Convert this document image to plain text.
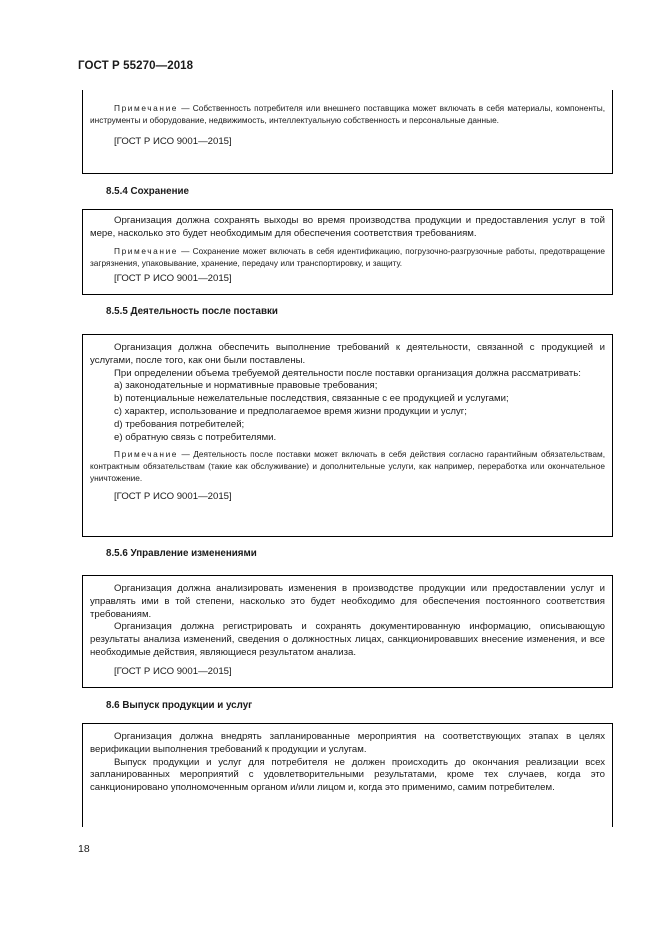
ГОСТ Р 55270—2018

Примечание — Собственность потребителя или внешнего поставщика может включать в себя материалы, компоненты, инструменты и оборудование, недвижимость, интеллектуальную собственность и персональные данные.

[ГОСТ Р ИСО 9001—2015]

8.5.4 Сохранение

Организация должна сохранять выходы во время производства продукции и предоставления услуг в той мере, насколько это будет необходимым для обеспечения соответствия требованиям.

Примечание — Сохранение может включать в себя идентификацию, погрузочно-разгрузочные работы, предотвращение загрязнения, упаковывание, хранение, передачу или транспортировку, и защиту.

[ГОСТ Р ИСО 9001—2015]

8.5.5 Деятельность после поставки

Организация должна обеспечить выполнение требований к деятельности, связанной с продукцией и услугами, после того, как они были поставлены.

При определении объема требуемой деятельности после поставки организация должна рассматривать:

a) законодательные и нормативные правовые требования;

b) потенциальные нежелательные последствия, связанные с ее продукцией и услугами;

c) характер, использование и предполагаемое время жизни продукции и услуг;

d) требования потребителей;

e) обратную связь с потребителями.

Примечание — Деятельность после поставки может включать в себя действия согласно гарантийным обязательствам, контрактным обязательствам (такие как обслуживание) и дополнительные услуги, как например, переработка или окончательное уничтожение.

[ГОСТ Р ИСО 9001—2015]

8.5.6 Управление изменениями

Организация должна анализировать изменения в производстве продукции или предоставлении услуг и управлять ими в той степени, насколько это будет необходимо для обеспечения постоянного соответствия требованиям.

Организация должна регистрировать и сохранять документированную информацию, описывающую результаты анализа изменений, сведения о должностных лицах, санкционировавших внесение изменения, и все необходимые действия, являющиеся результатом анализа.

[ГОСТ Р ИСО 9001—2015]

8.6 Выпуск продукции и услуг

Организация должна внедрять запланированные мероприятия на соответствующих этапах в целях верификации выполнения требований к продукции и услугам.

Выпуск продукции и услуг для потребителя не должен происходить до окончания реализации всех запланированных мероприятий с удовлетворительными результатами, кроме тех случаев, когда это санкционировано уполномоченным органом и/или лицом и, когда это применимо, самим потребителем.

18
